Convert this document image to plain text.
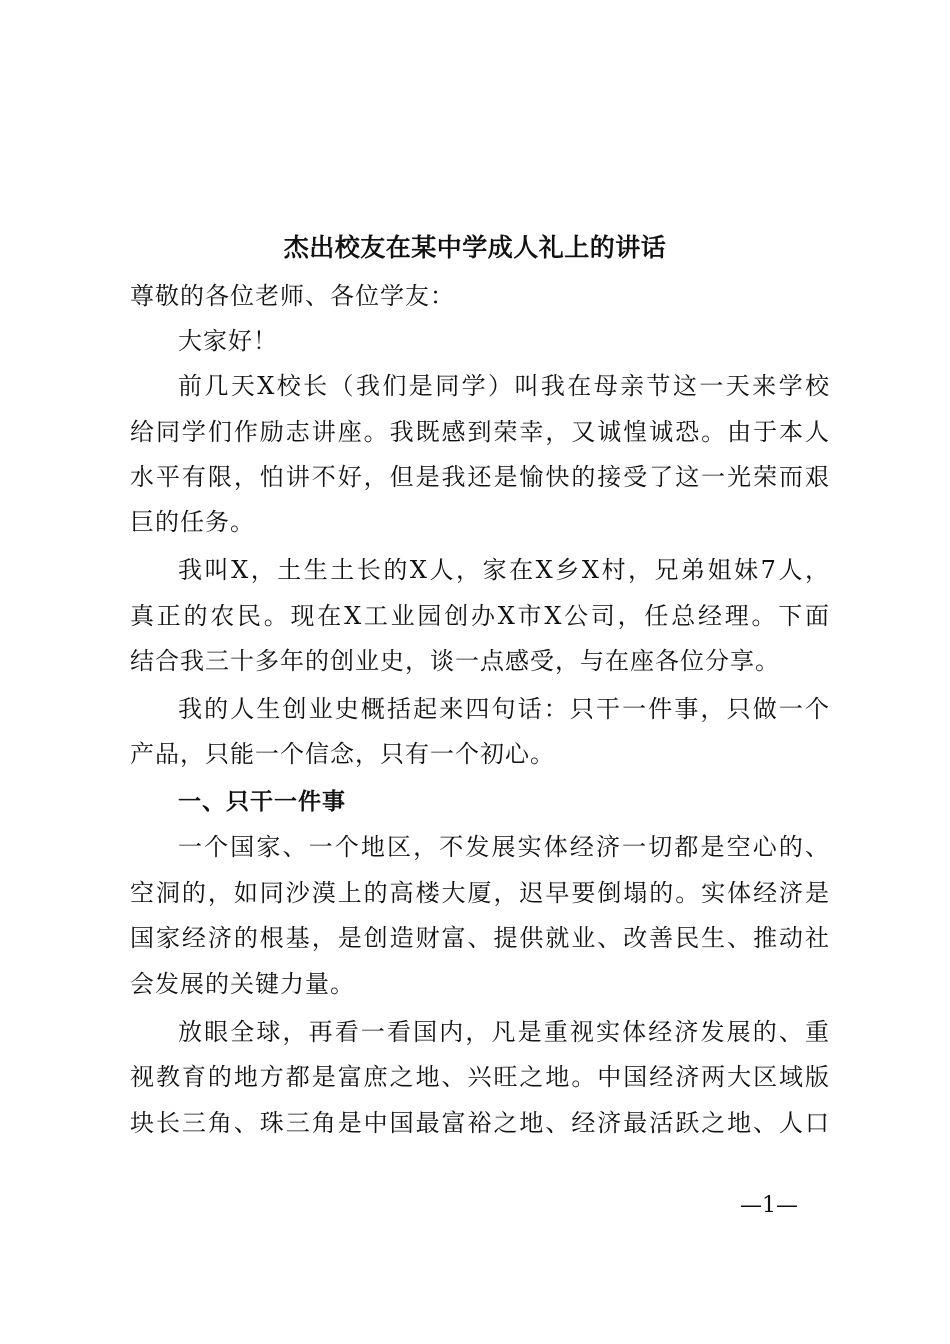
杰出校友在某中学成人礼上的讲话

尊敬的各位老师、各位学友：

大家好！

前几天X校长（我们是同学）叫我在母亲节这一天来学校

给同学们作励志讲座。我既感到荣幸，又诚惶诚恐。由于本人

水平有限，怕讲不好，但是我还是愉快的接受了这一光荣而艰

巨的任务。

我叫X，土生土长的X人，家在X乡X村，兄弟姐妹7人，

真正的农民。现在X工业园创办X市X公司，任总经理。下面

结合我三十多年的创业史，谈一点感受，与在座各位分享。

我的人生创业史概括起来四句话：只干一件事，只做一个

产品，只能一个信念，只有一个初心。

一、只干一件事

一个国家、一个地区，不发展实体经济一切都是空心的、

空洞的，如同沙漠上的高楼大厦，迟早要倒塌的。实体经济是

国家经济的根基，是创造财富、提供就业、改善民生、推动社

会发展的关键力量。

放眼全球，再看一看国内，凡是重视实体经济发展的、重

视教育的地方都是富庶之地、兴旺之地。中国经济两大区域版

块长三角、珠三角是中国最富裕之地、经济最活跃之地、人口

—1—
